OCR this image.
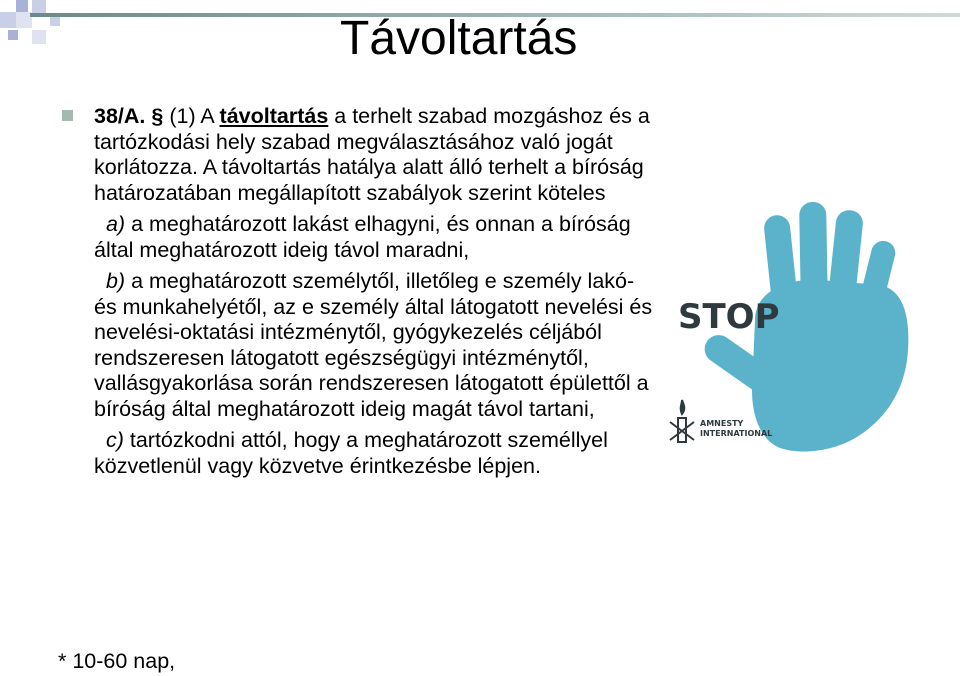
Távoltartás

38/A. § (1) A távoltartás a terhelt szabad mozgáshoz és a tartózkodási hely szabad megválasztásához való jogát korlátozza. A távoltartás hatálya alatt álló terhelt a bíróság határozatában megállapított szabályok szerint köteles

a) a meghatározott lakást elhagyni, és onnan a bíróság által meghatározott ideig távol maradni,

b) a meghatározott személytől, illetőleg e személy lakó- és munkahelyétől, az e személy által látogatott nevelési és nevelési-oktatási intézménytől, gyógykezelés céljából rendszeresen látogatott egészségügyi intézménytől, vallásgyakorlása során rendszeresen látogatott épülettől a bíróság által meghatározott ideig magát távol tartani,

c) tartózkodni attól, hogy a meghatározott személlyel közvetlenül vagy közvetve érintkezésbe lépjen.

* 10-60 nap,
STOP
AMNESTY
INTERNATIONAL
